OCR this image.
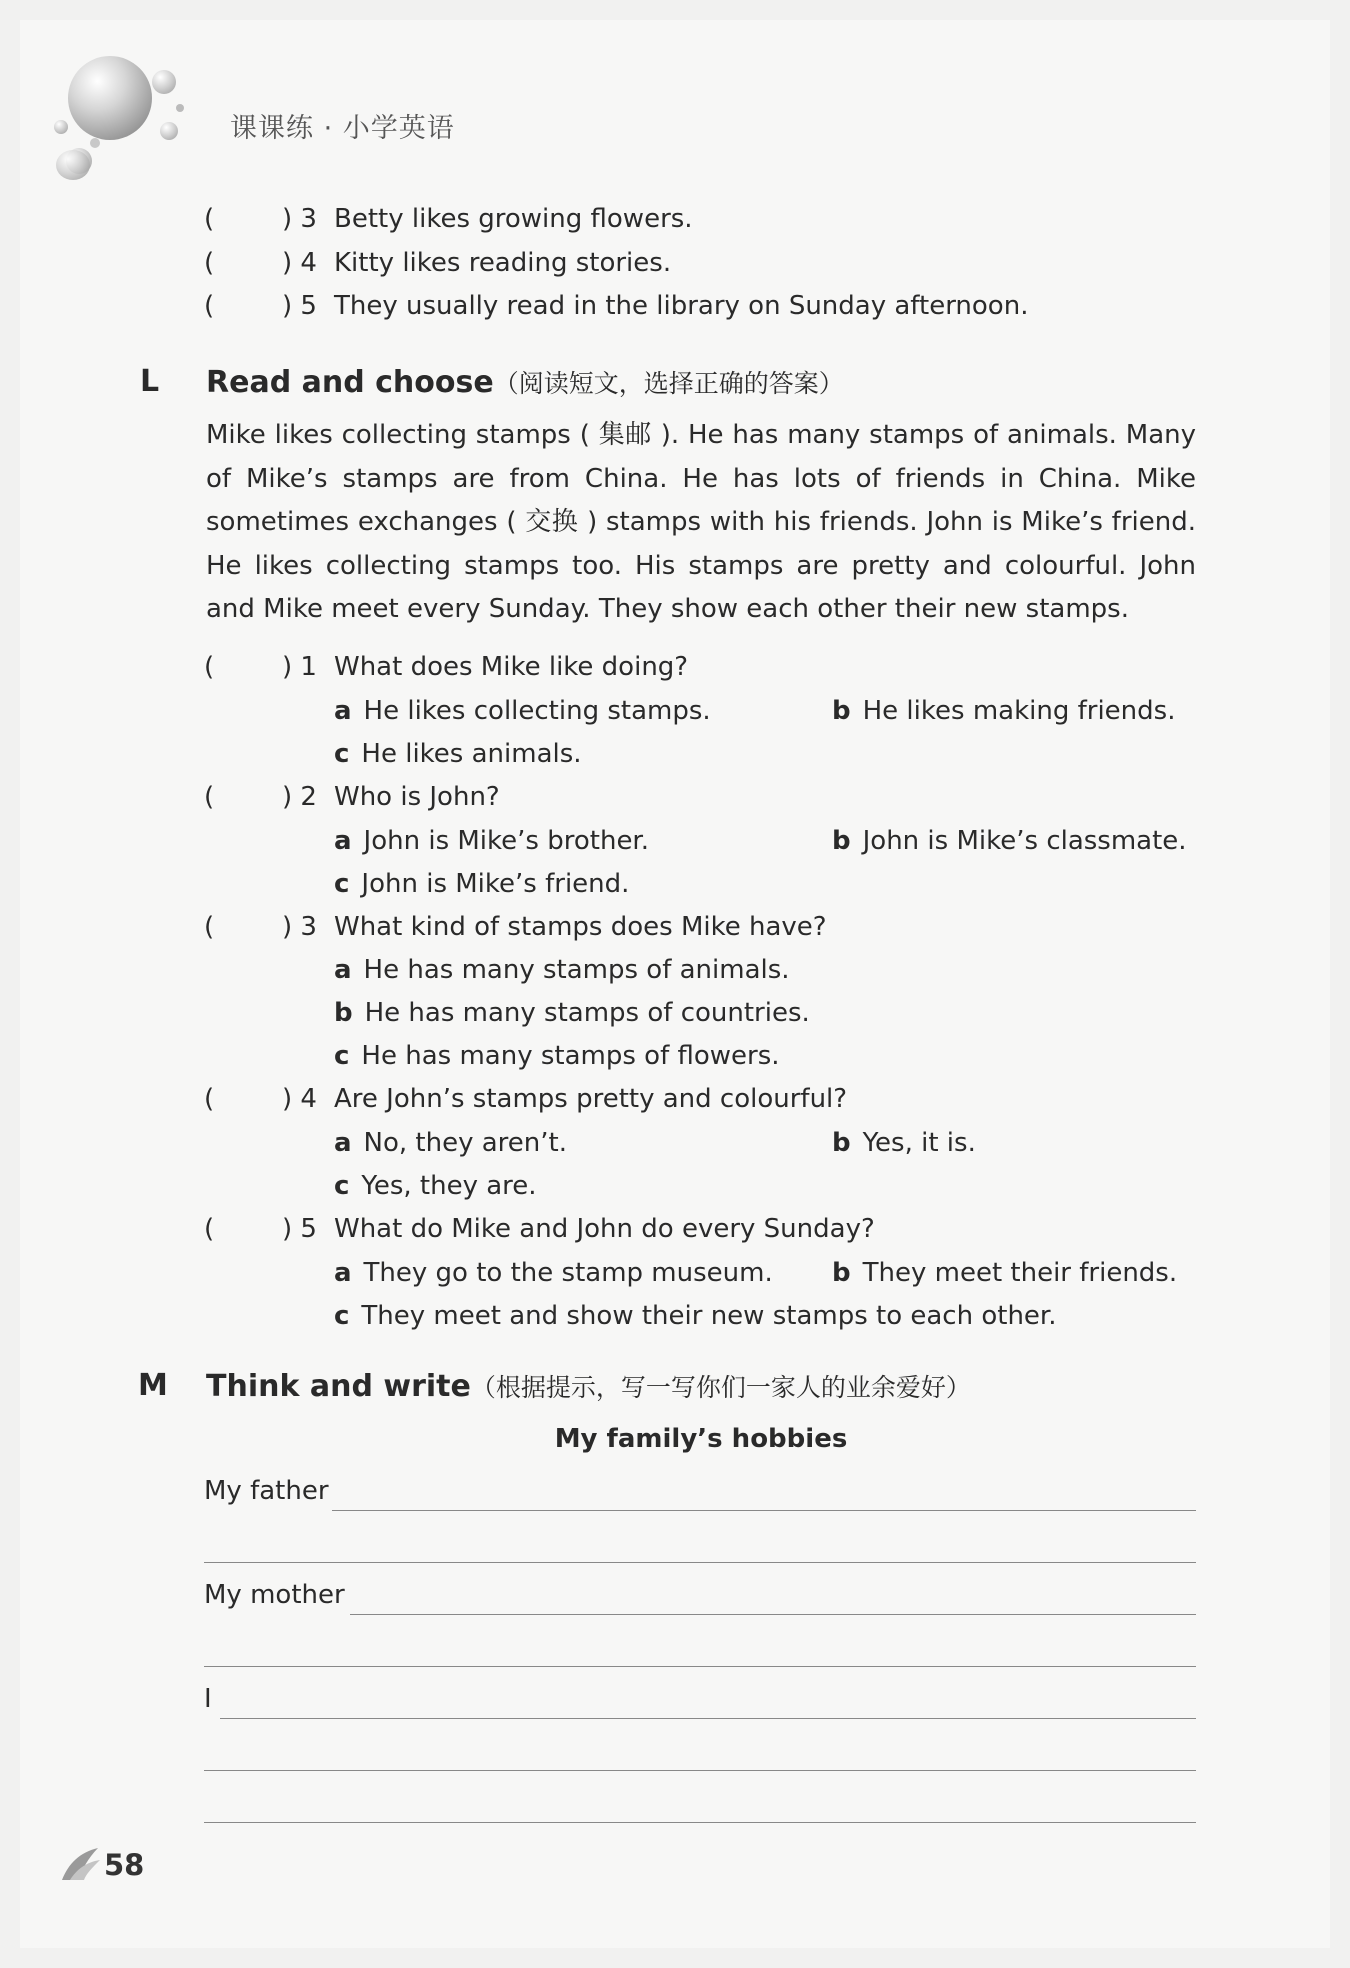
课课练 · 小学英语
(	) 3 Betty likes growing flowers.
(	) 4 Kitty likes reading stories.
(	) 5 They usually read in the library on Sunday afternoon.
L Read and choose（阅读短文，选择正确的答案）
Mike likes collecting stamps ( 集邮 ). He has many stamps of animals. Many of Mike’s stamps are from China. He has lots of friends in China. Mike sometimes exchanges ( 交换 ) stamps with his friends. John is Mike’s friend. He likes collecting stamps too. His stamps are pretty and colourful. John and Mike meet every Sunday. They show each other their new stamps.
(	) 1 What does Mike like doing?
a He likes collecting stamps.	b He likes making friends.
c He likes animals.
(	) 2 Who is John?
a John is Mike’s brother.	b John is Mike’s classmate.
c John is Mike’s friend.
(	) 3 What kind of stamps does Mike have?
a He has many stamps of animals.
b He has many stamps of countries.
c He has many stamps of flowers.
(	) 4 Are John’s stamps pretty and colourful?
a No, they aren’t.	b Yes, it is.
c Yes, they are.
(	) 5 What do Mike and John do every Sunday?
a They go to the stamp museum. b They meet their friends.
c They meet and show their new stamps to each other.
M Think and write（根据提示，写一写你们一家人的业余爱好）
My family’s hobbies
My father
My mother
I
58
